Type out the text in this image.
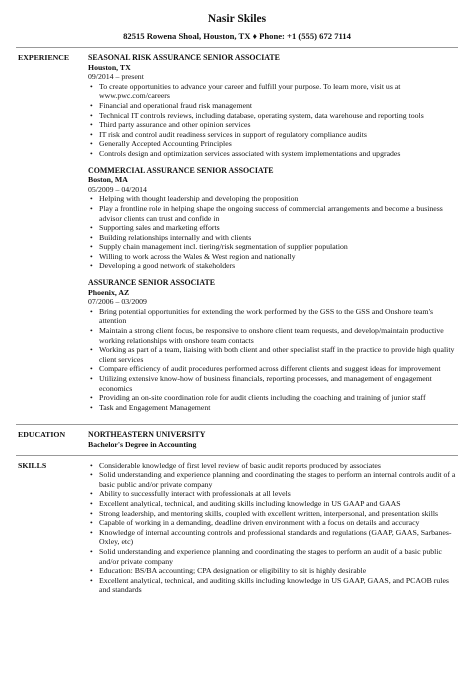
Nasir Skiles
82515 Rowena Shoal, Houston, TX ♦ Phone: +1 (555) 672 7114
EXPERIENCE	SEASONAL RISK ASSURANCE SENIOR ASSOCIATE
Houston, TX
09/2014 – present
• To create opportunities to advance your career and fulfill your purpose. To learn more, visit us at www.pwc.com/careers
• Financial and operational fraud risk management
• Technical IT controls reviews, including database, operating system, data warehouse and reporting tools
• Third party assurance and other opinion services
• IT risk and control audit readiness services in support of regulatory compliance audits
• Generally Accepted Accounting Principles
• Controls design and optimization services associated with system implementations and upgrades
COMMERCIAL ASSURANCE SENIOR ASSOCIATE
Boston, MA
05/2009 – 04/2014
• Helping with thought leadership and developing the proposition
• Play a frontline role in helping shape the ongoing success of commercial arrangements and become a business advisor clients can trust and confide in
• Supporting sales and marketing efforts
• Building relationships internally and with clients
• Supply chain management incl. tiering/risk segmentation of supplier population
• Willing to work across the Wales & West region and nationally
• Developing a good network of stakeholders
ASSURANCE SENIOR ASSOCIATE
Phoenix, AZ
07/2006 – 03/2009
• Bring potential opportunities for extending the work performed by the GSS to the GSS and Onshore team's attention
• Maintain a strong client focus, be responsive to onshore client team requests, and develop/maintain productive working relationships with onshore team contacts
• Working as part of a team, liaising with both client and other specialist staff in the practice to provide high quality client services
• Compare efficiency of audit procedures performed across different clients and suggest ideas for improvement
• Utilizing extensive know-how of business financials, reporting processes, and management of engagement economics
• Providing an on-site coordination role for audit clients including the coaching and training of junior staff
• Task and Engagement Management
EDUCATION	NORTHEASTERN UNIVERSITY
Bachelor's Degree in Accounting
SKILLS
•	Considerable knowledge of first level review of basic audit reports produced by associates
• Solid understanding and experience planning and coordinating the stages to perform an internal controls audit of a basic public and/or private company
• Ability to successfully interact with professionals at all levels
• Excellent analytical, technical, and auditing skills including knowledge in US GAAP and GAAS
• Strong leadership, and mentoring skills, coupled with excellent written, interpersonal, and presentation skills
• Capable of working in a demanding, deadline driven environment with a focus on details and accuracy
• Knowledge of internal accounting controls and professional standards and regulations (GAAP, GAAS, Sarbanes-Oxley, etc)
• Solid understanding and experience planning and coordinating the stages to perform an audit of a basic public and/or private company
• Education: BS/BA accounting; CPA designation or eligibility to sit is highly desirable
• Excellent analytical, technical, and auditing skills including knowledge in US GAAP, GAAS, and PCAOB rules and standards
